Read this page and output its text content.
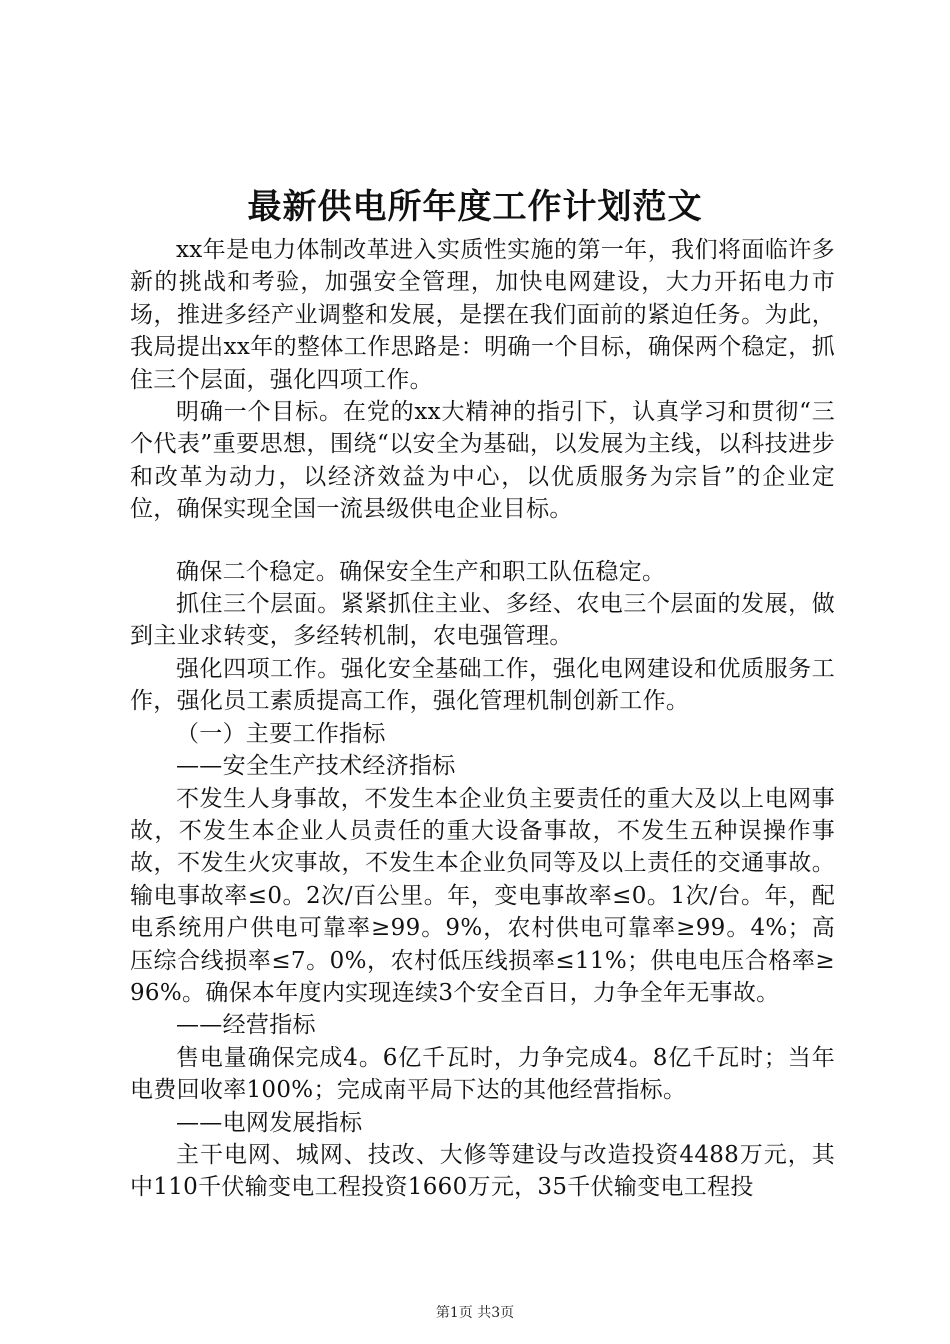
最新供电所年度工作计划范文

xx年是电力体制改革进入实质性实施的第一年，我们将面临许多新的挑战和考验，加强安全管理，加快电网建设，大力开拓电力市场，推进多经产业调整和发展，是摆在我们面前的紧迫任务。为此，我局提出xx年的整体工作思路是：明确一个目标，确保两个稳定，抓住三个层面，强化四项工作。

明确一个目标。在党的xx大精神的指引下，认真学习和贯彻“三个代表”重要思想，围绕“以安全为基础，以发展为主线，以科技进步和改革为动力，以经济效益为中心，以优质服务为宗旨”的企业定位，确保实现全国一流县级供电企业目标。

确保二个稳定。确保安全生产和职工队伍稳定。

抓住三个层面。紧紧抓住主业、多经、农电三个层面的发展，做到主业求转变，多经转机制，农电强管理。

强化四项工作。强化安全基础工作，强化电网建设和优质服务工作，强化员工素质提高工作，强化管理机制创新工作。

（一）主要工作指标

——安全生产技术经济指标

不发生人身事故，不发生本企业负主要责任的重大及以上电网事故，不发生本企业人员责任的重大设备事故，不发生五种误操作事故，不发生火灾事故，不发生本企业负同等及以上责任的交通事故。输电事故率≤0。2次/百公里。年，变电事故率≤0。1次/台。年，配电系统用户供电可靠率≥99。9%，农村供电可靠率≥99。4%；高压综合线损率≤7。0%，农村低压线损率≤11%；供电电压合格率≥96%。确保本年度内实现连续3个安全百日，力争全年无事故。

——经营指标

售电量确保完成4。6亿千瓦时，力争完成4。8亿千瓦时；当年电费回收率100%；完成南平局下达的其他经营指标。

——电网发展指标

主干电网、城网、技改、大修等建设与改造投资4488万元，其中110千伏输变电工程投资1660万元，35千伏输变电工程投

第1页 共3页
